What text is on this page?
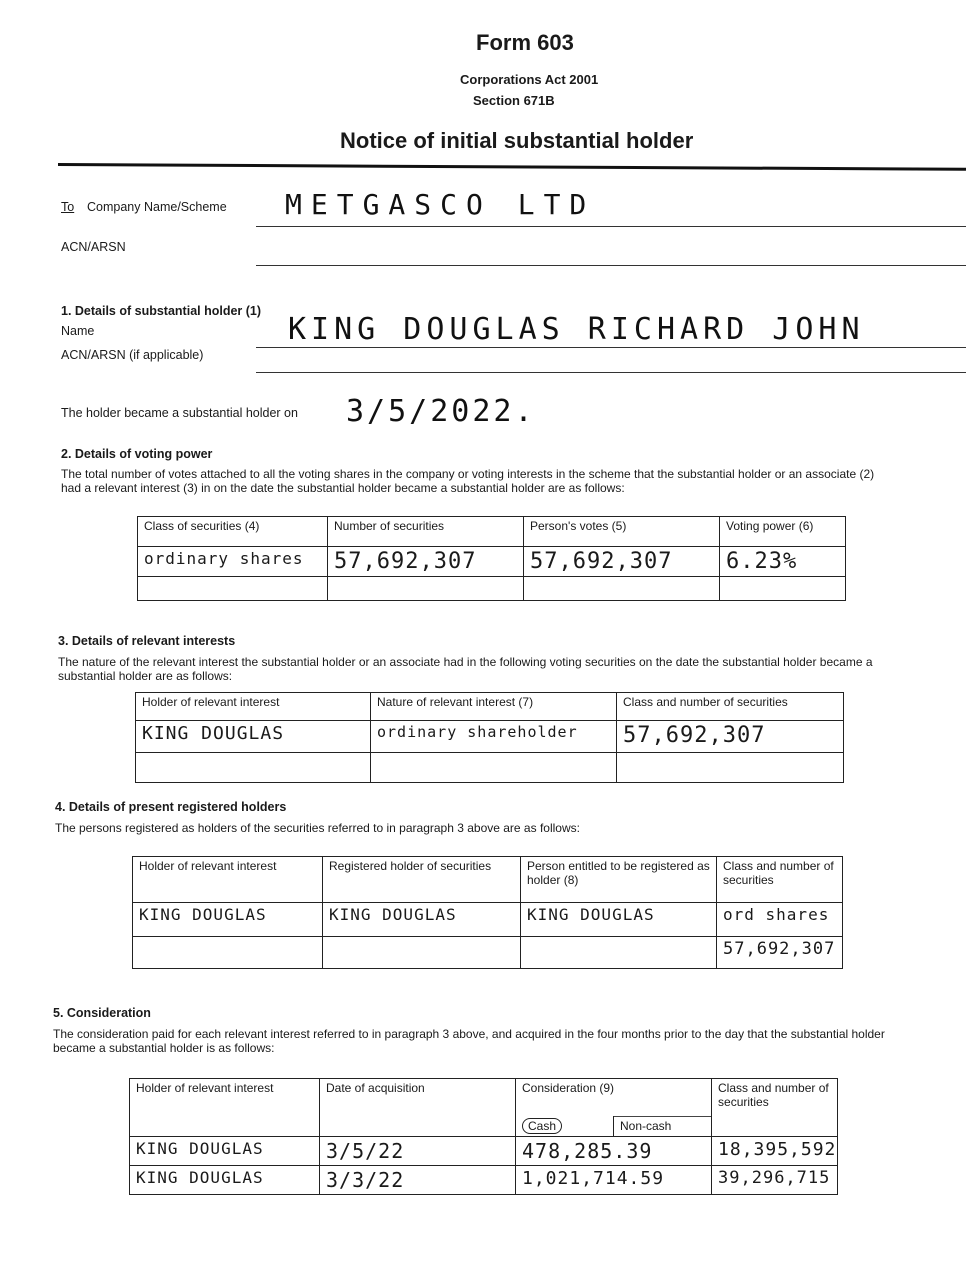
Form 603
Corporations Act 2001
Section 671B
Notice of initial substantial holder
To Company Name/Scheme METGASCO LTD
ACN/ARSN
1. Details of substantial holder (1)
Name	KING DOUGLAS RICHARD JOHN
ACN/ARSN (if applicable)
The holder became a substantial holder on 3/5/2022.
2. Details of voting power
The total number of votes attached to all the voting shares in the company or voting interests in the scheme that the substantial holder or an associate (2) had a relevant interest (3) in on the date the substantial holder became a substantial holder are as follows:
Class of securities (4)	Number of securities	Person's votes (5)	Voting power (6)
ordinary shares	57,692,307	57,692,307	6.23%

3. Details of relevant interests
The nature of the relevant interest the substantial holder or an associate had in the following voting securities on the date the substantial holder became a substantial holder are as follows:
Holder of relevant interest	Nature of relevant interest (7)	Class and number of securities
KING DOUGLAS	ordinary shareholder	57,692,307

4. Details of present registered holders
The persons registered as holders of the securities referred to in paragraph 3 above are as follows:
Holder of relevant interest	Registered holder of securities	Person entitled to be registered as holder (8)	Class and number of securities
KING DOUGLAS	KING DOUGLAS	KING DOUGLAS	ord shares
			57,692,307
5. Consideration
The consideration paid for each relevant interest referred to in paragraph 3 above, and acquired in the four months prior to the day that the substantial holder became a substantial holder is as follows:
Holder of relevant interest	Date of acquisition	Consideration (9)		Class and number of securities
		Cash	Non-cash	
KING DOUGLAS	3/5/22	478,285.39		18,395,592
KING DOUGLAS	3/3/22	1,021,714.59		39,296,715
